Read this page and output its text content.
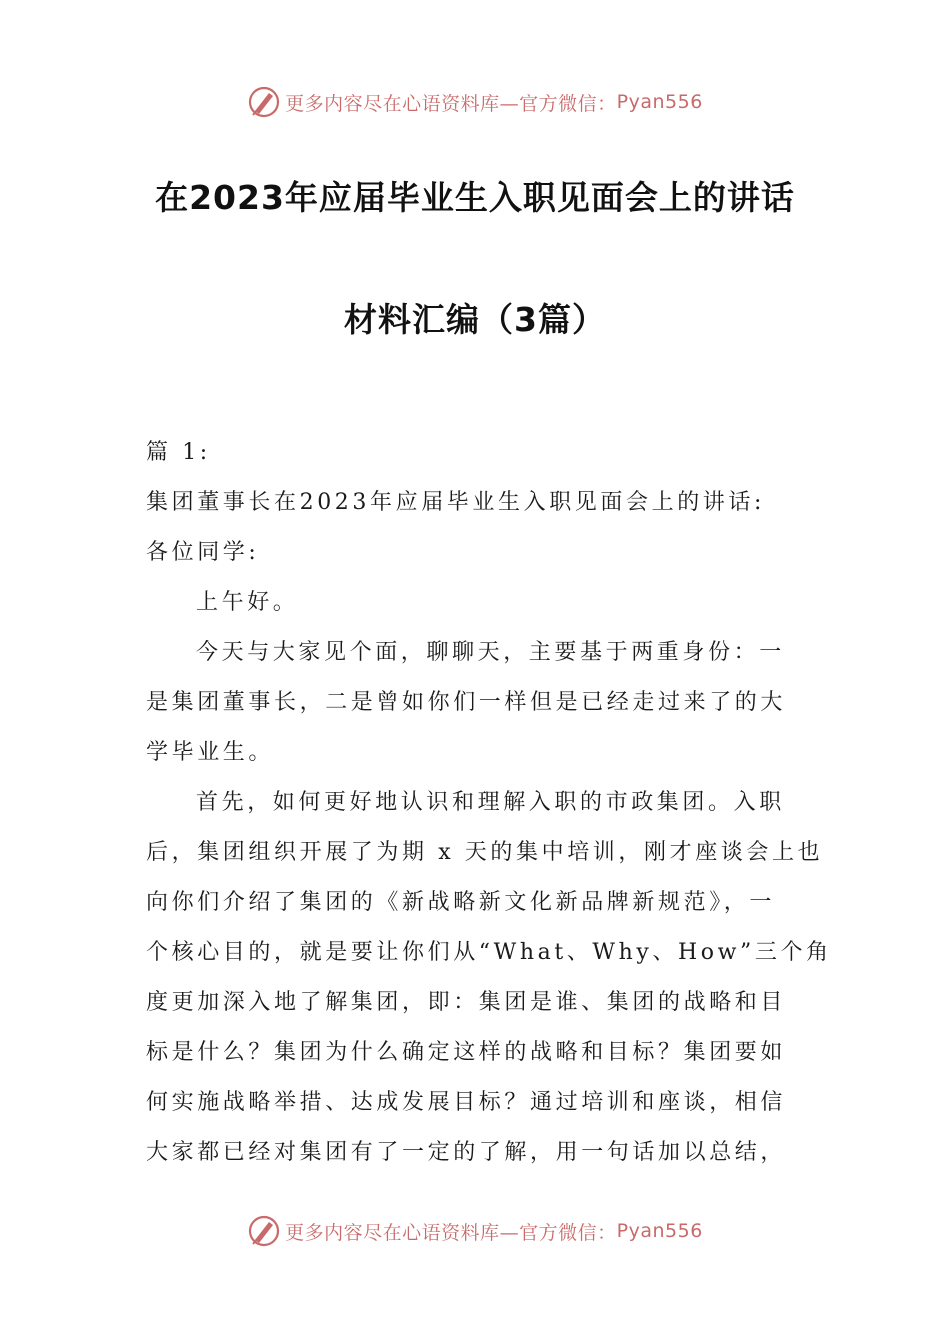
更多内容尽在心语资料库—官方微信： Pyan556
在2023年应届毕业生入职见面会上的讲话
材料汇编（3篇）
篇 1:
集团董事长在2023年应届毕业生入职见面会上的讲话:
各位同学:
上午好。
今天与大家见个面，聊聊天，主要基于两重身份：一
是集团董事长，二是曾如你们一样但是已经走过来了的大
学毕业生。
首先，如何更好地认识和理解入职的市政集团。入职
后，集团组织开展了为期 x 天的集中培训，刚才座谈会上也
向你们介绍了集团的《新战略新文化新品牌新规范》，一
个核心目的，就是要让你们从“What、Why、How”三个角
度更加深入地了解集团，即：集团是谁、集团的战略和目
标是什么？集团为什么确定这样的战略和目标？集团要如
何实施战略举措、达成发展目标？通过培训和座谈，相信
大家都已经对集团有了一定的了解，用一句话加以总结，
更多内容尽在心语资料库—官方微信： Pyan556
